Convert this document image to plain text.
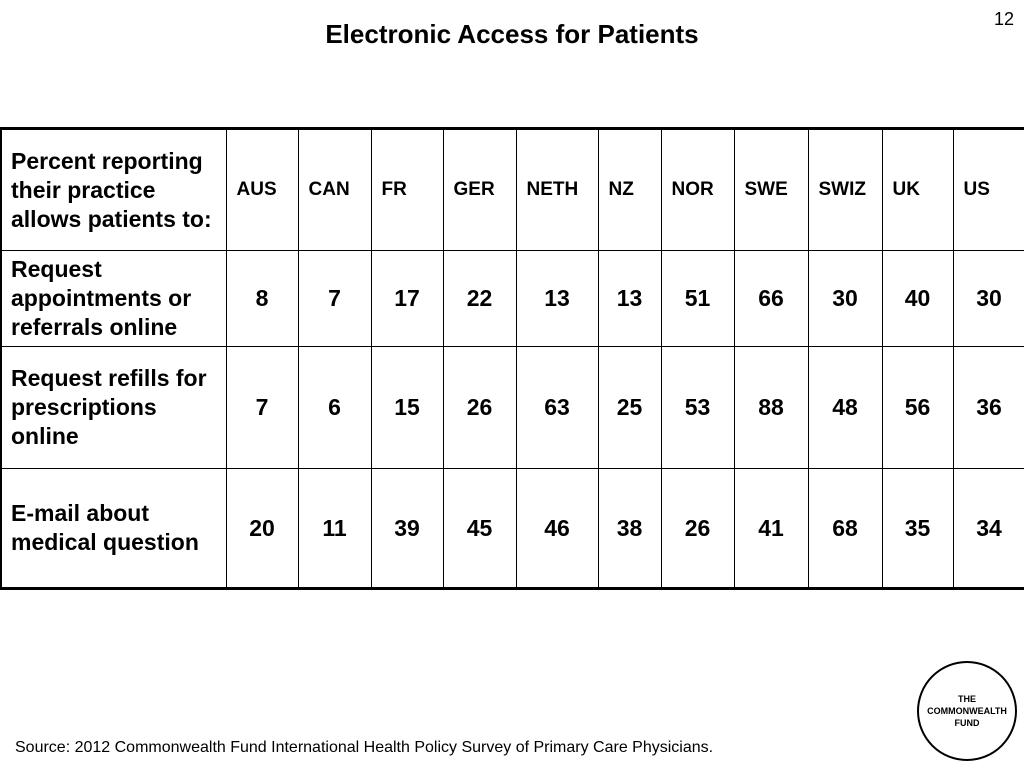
Electronic Access for Patients	12
Percent reporting their practice allows patients to:	AUS	CAN	FR	GER	NETH	NZ	NOR	SWE	SWIZ	UK	US
Request appointments or referrals online	8	7	17	22	13	13	51	66	30	40	30
Request refills for prescriptions online	7	6	15	26	63	25	53	88	48	56	36
E-mail about medical question	20	11	39	45	46	38	26	41	68	35	34
THE
COMMONWEALTH
FUND
Source: 2012 Commonwealth Fund International Health Policy Survey of Primary Care Physicians.
